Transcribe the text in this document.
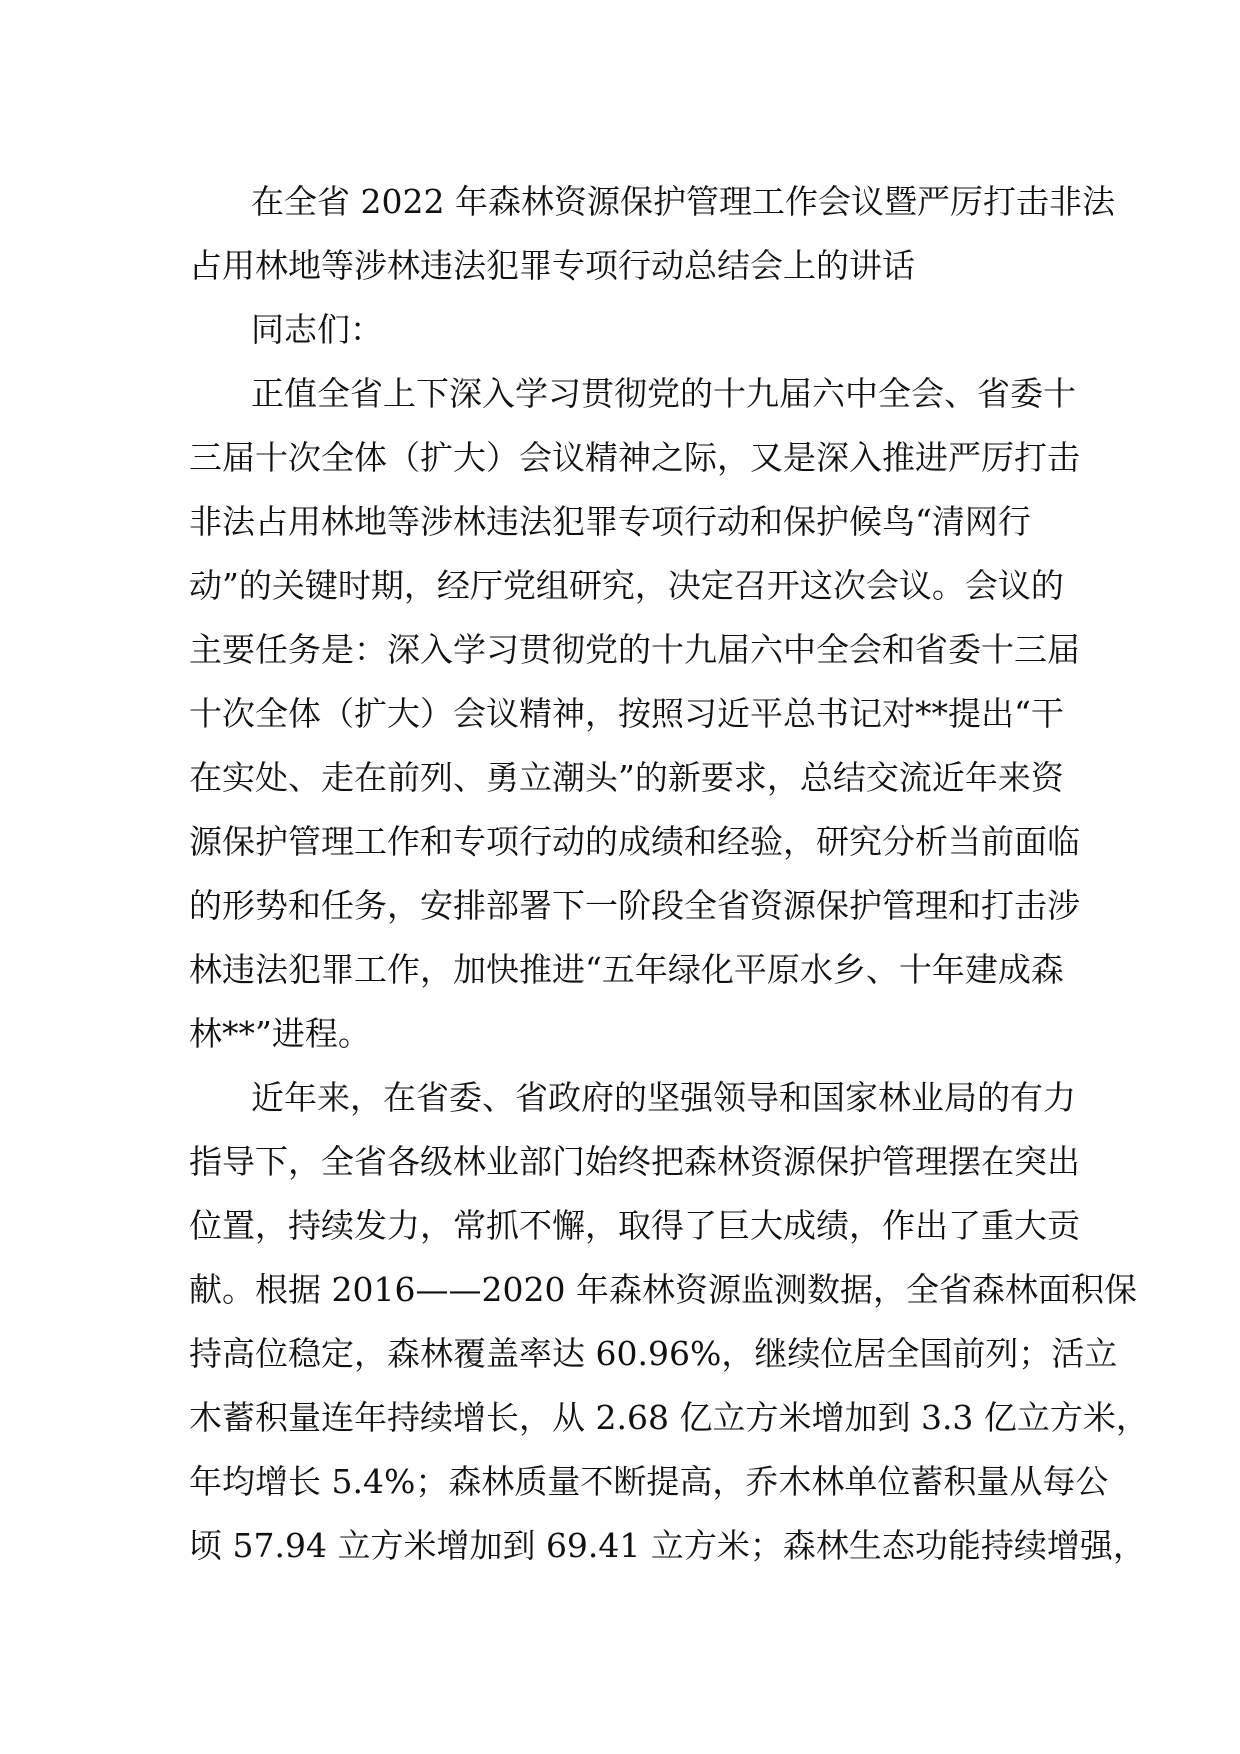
在全省 2022 年森林资源保护管理工作会议暨严厉打击非法
占用林地等涉林违法犯罪专项行动总结会上的讲话
同志们：
正值全省上下深入学习贯彻党的十九届六中全会、省委十
三届十次全体（扩大）会议精神之际，又是深入推进严厉打击
非法占用林地等涉林违法犯罪专项行动和保护候鸟“清网行
动”的关键时期，经厅党组研究，决定召开这次会议。会议的
主要任务是：深入学习贯彻党的十九届六中全会和省委十三届
十次全体（扩大）会议精神，按照习近平总书记对**提出“干
在实处、走在前列、勇立潮头”的新要求，总结交流近年来资
源保护管理工作和专项行动的成绩和经验，研究分析当前面临
的形势和任务，安排部署下一阶段全省资源保护管理和打击涉
林违法犯罪工作，加快推进“五年绿化平原水乡、十年建成森
林**”进程。
近年来，在省委、省政府的坚强领导和国家林业局的有力
指导下，全省各级林业部门始终把森林资源保护管理摆在突出
位置，持续发力，常抓不懈，取得了巨大成绩，作出了重大贡
献。根据 2016——2020 年森林资源监测数据，全省森林面积保
持高位稳定，森林覆盖率达 60.96%，继续位居全国前列；活立
木蓄积量连年持续增长，从 2.68 亿立方米增加到 3.3 亿立方米，
年均增长 5.4%；森林质量不断提高，乔木林单位蓄积量从每公
顷 57.94 立方米增加到 69.41 立方米；森林生态功能持续增强，
